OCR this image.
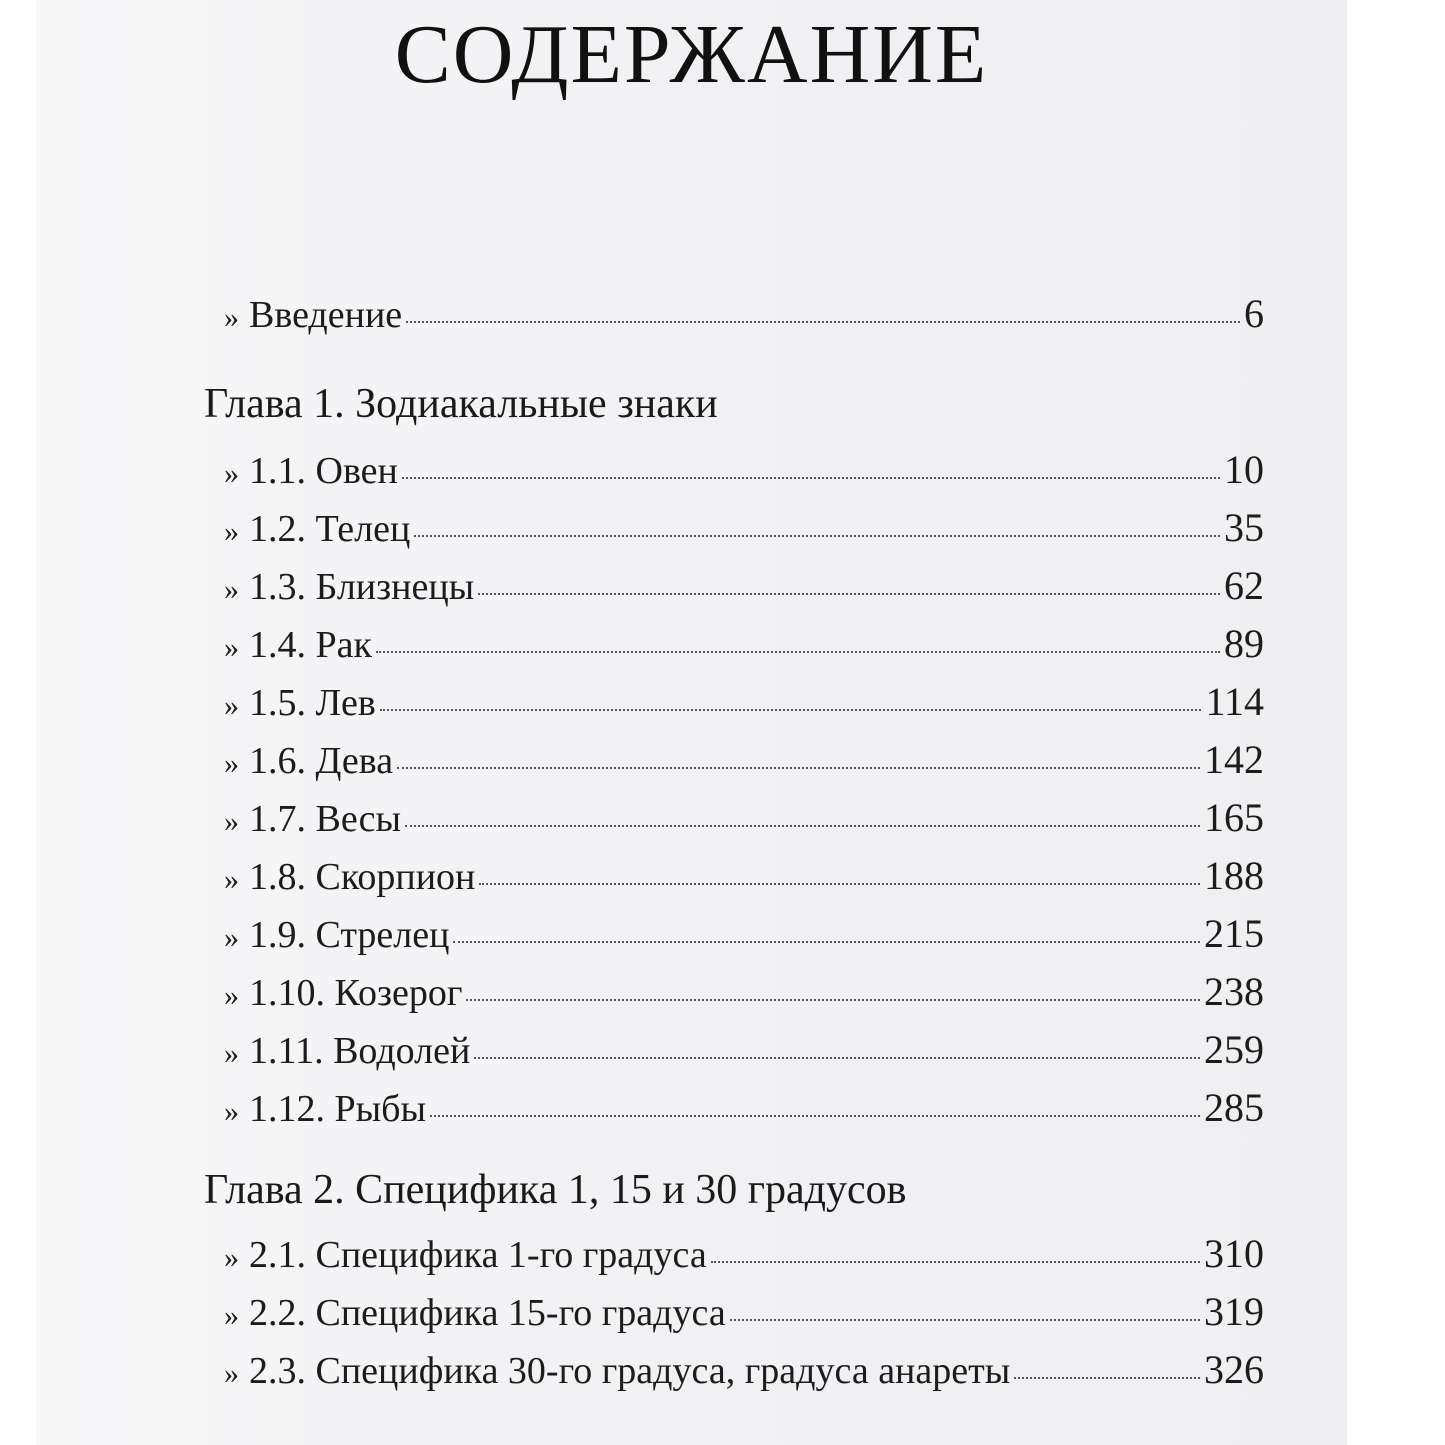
СОДЕРЖАНИЕ
» Введение	6
Глава 1. Зодиакальные знаки
» 1.1. Овен	10
» 1.2. Телец	35
» 1.3. Близнецы	62
» 1.4. Рак	89
» 1.5. Лев	114
» 1.6. Дева	142
» 1.7. Весы	165
» 1.8. Скорпион	188
» 1.9. Стрелец	215
» 1.10. Козерог	238
» 1.11. Водолей	259
» 1.12. Рыбы	285
Глава 2. Специфика 1, 15 и 30 градусов
» 2.1. Специфика 1-го градуса	310
» 2.2. Специфика 15-го градуса	319
» 2.3. Специфика 30-го градуса, градуса анареты	326
